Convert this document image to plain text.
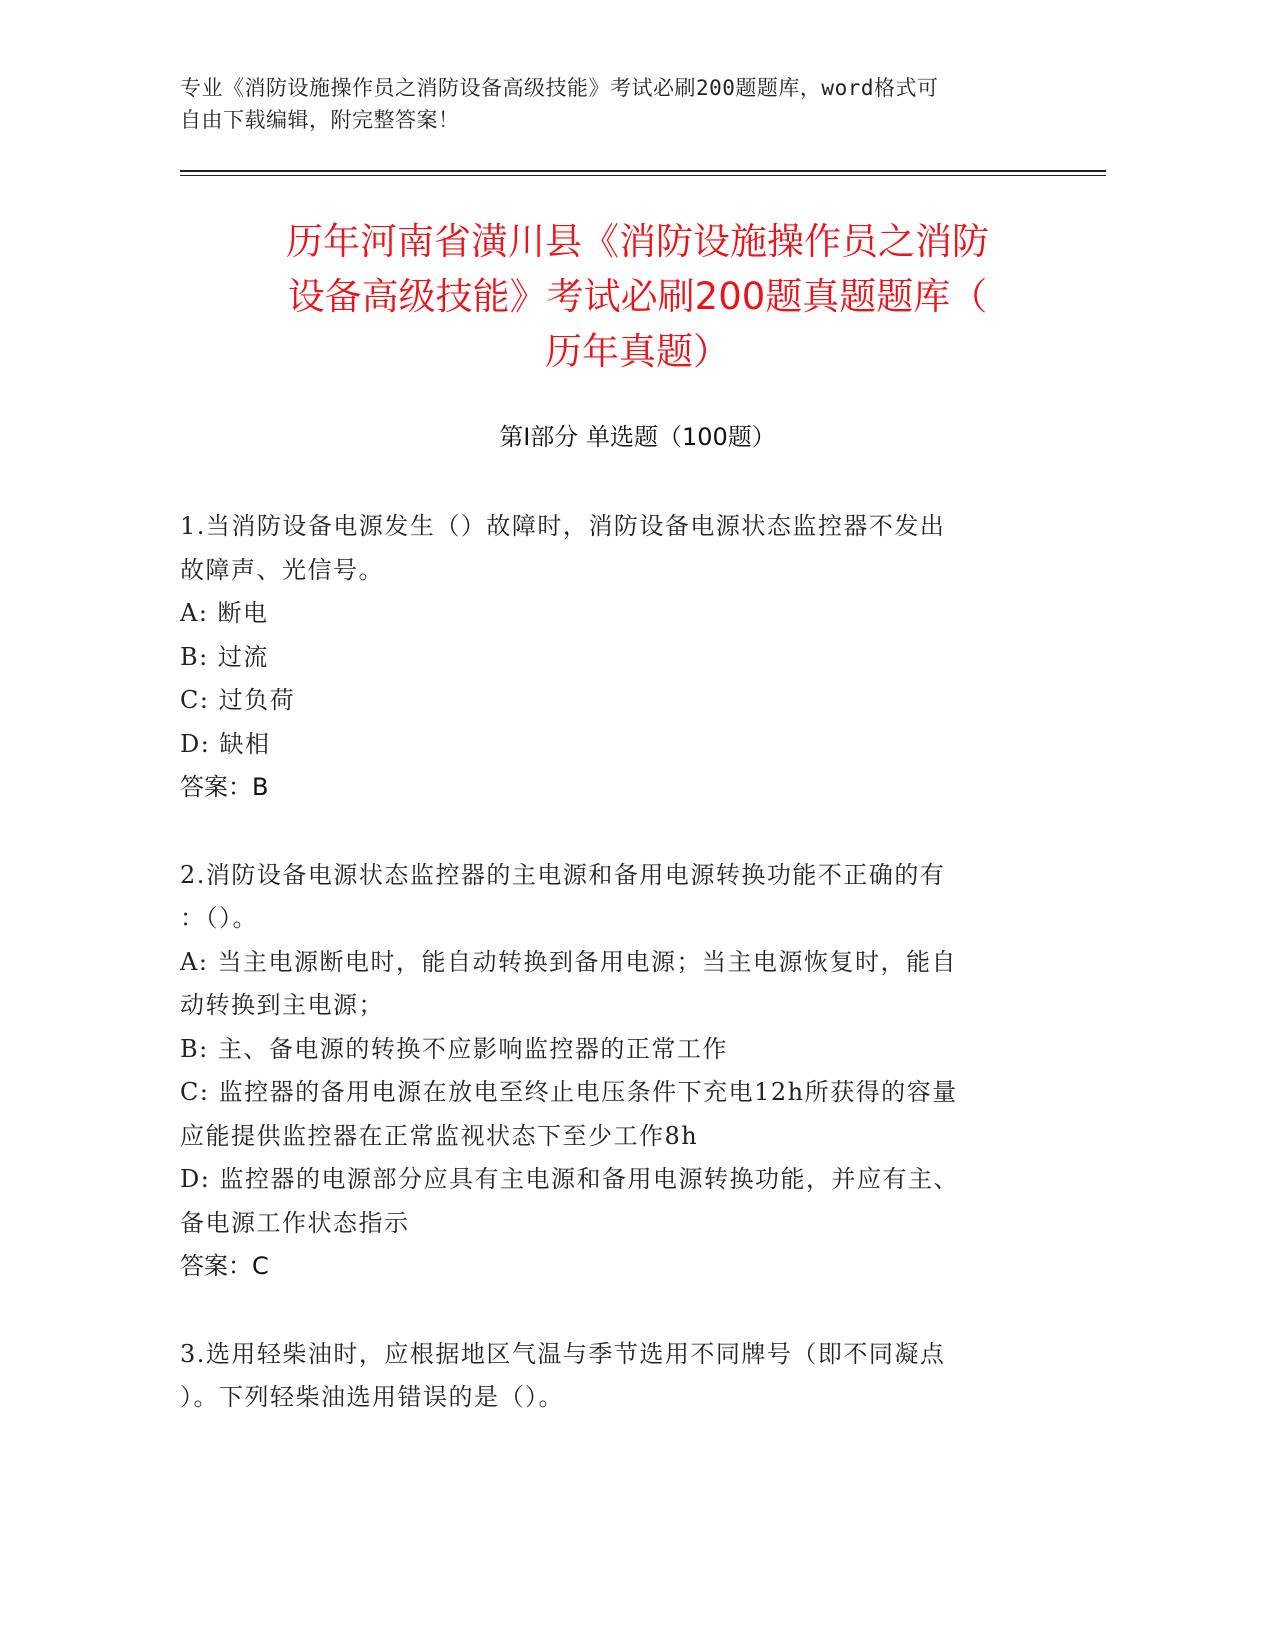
专业《消防设施操作员之消防设备高级技能》考试必刷200题题库，word格式可
自由下载编辑，附完整答案！
历年河南省潢川县《消防设施操作员之消防
设备高级技能》考试必刷200题真题题库（
历年真题）
第Ⅰ部分 单选题（100题）
1.当消防设备电源发生（）故障时，消防设备电源状态监控器不发出
故障声、光信号。
A: 断电
B: 过流
C: 过负荷
D: 缺相
答案：B
2.消防设备电源状态监控器的主电源和备用电源转换功能不正确的有
：（）。
A: 当主电源断电时，能自动转换到备用电源；当主电源恢复时，能自
动转换到主电源；
B: 主、备电源的转换不应影响监控器的正常工作
C: 监控器的备用电源在放电至终止电压条件下充电12h所获得的容量
应能提供监控器在正常监视状态下至少工作8h
D: 监控器的电源部分应具有主电源和备用电源转换功能，并应有主、
备电源工作状态指示
答案：C
3.选用轻柴油时，应根据地区气温与季节选用不同牌号（即不同凝点
）。下列轻柴油选用错误的是（）。
